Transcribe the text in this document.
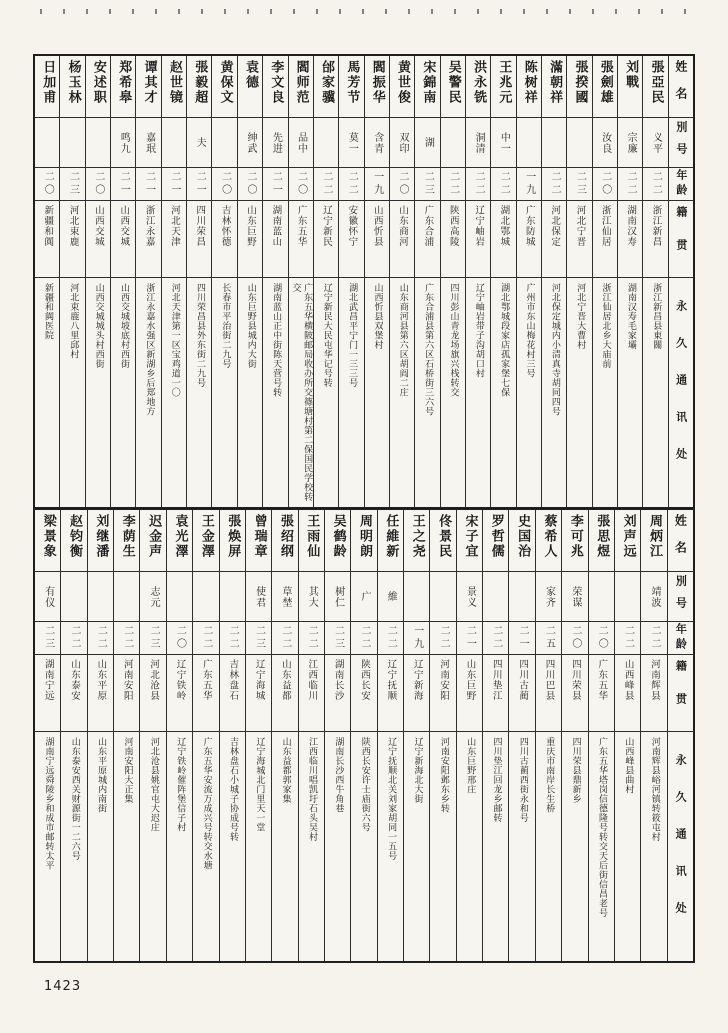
姓名
別号
年龄
籍贯
永久通讯处
張亞民
义平
二二
浙江新昌
浙江新昌县東關
刘戰
宗廉
二二
湖南汉寿
湖南汉寿毛家壩
張劍雄
汝良
二〇
浙江仙居
浙江仙居北乡大庙前
張揆國
二三
河北宁晋
河北宁晋大曹村
滿朝祥
二二
河北保定
河北保定城内小清真寺胡同四号
陈树祥
一九
广东防城
广州市东山梅花村三号
王兆元
中一
二二
湖北鄂城
湖北鄂城段家店孤家堡七保
洪永铣
洞清
二二
辽宁岫岩
辽宁岫岩带子沟胡口村
吴警民
二二
陕西高陵
四川彭山青龙场旗兴栈转交
宋錦南
湖
二三
广东合浦
广东合浦县第六区石桥街三六号
黄世俊
双印
二〇
山东商河
山东商河县第六区胡阎二庄
閻振华
含青
一九
山西忻县
山西忻县双堡村
馬芳节
莫一
二二
安徽怀宁
湖北武昌平宁门一三三号
邰家骥
二二
辽宁新民
辽宁新民大民屯华记号转
閻师范
品中
二〇
广东五华
广东五华横陂邮局收办所交篠塘村第二保国民学校转交
李文良
先进
二一
湖南蓝山
湖南蓝山正中街陈天营号转
袁德
绅武
二〇
山东巨野
山东巨野县城内大街
黄保文
二〇
吉林怀德
长春市平治街二九号
張毅超
夫
二一
四川荣昌
四川荣昌县外东街二九号
赵世镜
二一
河北天津
河北天津第一区宝鸡道一〇
谭其才
嘉珉
二一
浙江永嘉
浙江永嘉水强区新湖乡后郑地方
郑希皋
鸣九
二一
山西交城
山西交城坡底村西街
安述职
二〇
山西交城
山西交城城头村西街
杨玉林
二三
河北束鹿
河北束鹿八里邱村
日加甫
二〇
新疆和阗
新疆和阗医院
姓名
別号
年龄
籍贯
永久通讯处
周炳江
靖波
二二
河南辉县
河南辉县峪河镇转筱屯村
刘声远
二二
山西峰县
山西峰县曲村
張思煜
二〇
广东五华
广东五华塔岗信德隆号转交天后街信昌老号
李可兆
荣谋
二〇
四川荣县
四川荣县鼎新乡
蔡希人
家齐
二五
四川巴县
重庆市南岸长生桥
史国治
二一
四川古蔺
四川古蔺西街永和号
罗哲儒
二二
四川垫江
四川垫江回龙乡邮转
宋子宜
景义
二一
山东巨野
山东巨野邢庄
佟景民
二二
河南安阳
河南安阳邺东乡转
王之尧
一九
辽宁新海
辽宁新海北大街
任維新
維
二二
辽宁抚顺
辽宁抚顺北关刘家胡同一五号
周明朗
广
二二
陕西长安
陕西长安许士庙街六号
吴鹤龄
树仁
二三
湖南长沙
湖南长沙西牛角巷
王雨仙
其大
二二
江西临川
江西临川唱凯圩石头吴村
張绍纲
草埜
二二
山东益都
山东益都郭家集
曾瑞章
使君
二三
辽宁海城
辽宁海城北门里天一堂
張焕屏
二二
吉林盘石
吉林盘石小城子协成号转
王金澤
二二
广东五华
广东五华安流万成兴号转交水塘
袁光澤
二〇
辽宁铁岭
辽宁铁岭催阵堡信子村
迟金声
志元
二三
河北沧县
河北沧县姚官屯大迟庄
李荫生
二二
河南安阳
河南安阳大正集
刘继潘
二二
山东平原
山东平原城内南街
赵钧衡
二二
山东泰安
山东泰安西关财源街一二六号
梁景象
有仪
二三
湖南宁远
湖南宁远舜陵乡和成市邮转太平
1423
